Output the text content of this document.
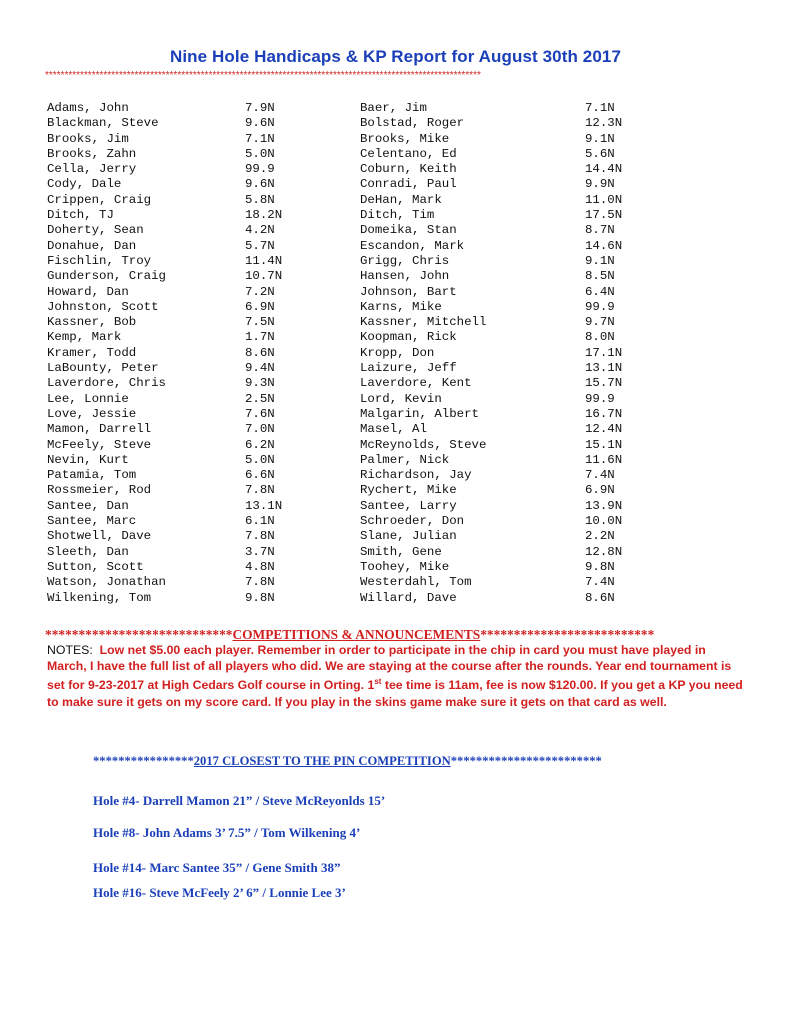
Nine Hole Handicaps & KP Report for August 30th 2017
****************************************************************************************************************
Adams, John	7.9N	Baer, Jim	7.1N
Blackman, Steve	9.6N	Bolstad, Roger	12.3N
Brooks, Jim	7.1N	Brooks, Mike	9.1N
Brooks, Zahn	5.0N	Celentano, Ed	5.6N
Cella, Jerry	99.9	Coburn, Keith	14.4N
Cody, Dale	9.6N	Conradi, Paul	9.9N
Crippen, Craig	5.8N	DeHan, Mark	11.0N
Ditch, TJ	18.2N	Ditch, Tim	17.5N
Doherty, Sean	4.2N	Domeika, Stan	8.7N
Donahue, Dan	5.7N	Escandon, Mark	14.6N
Fischlin, Troy	11.4N	Grigg, Chris	9.1N
Gunderson, Craig	10.7N	Hansen, John	8.5N
Howard, Dan	7.2N	Johnson, Bart	6.4N
Johnston, Scott	6.9N	Karns, Mike	99.9
Kassner, Bob	7.5N	Kassner, Mitchell	9.7N
Kemp, Mark	1.7N	Koopman, Rick	8.0N
Kramer, Todd	8.6N	Kropp, Don	17.1N
LaBounty, Peter	9.4N	Laizure, Jeff	13.1N
Laverdore, Chris	9.3N	Laverdore, Kent	15.7N
Lee, Lonnie	2.5N	Lord, Kevin	99.9
Love, Jessie	7.6N	Malgarin, Albert	16.7N
Mamon, Darrell	7.0N	Masel, Al	12.4N
McFeely, Steve	6.2N	McReynolds, Steve	15.1N
Nevin, Kurt	5.0N	Palmer, Nick	11.6N
Patamia, Tom	6.6N	Richardson, Jay	7.4N
Rossmeier, Rod	7.8N	Rychert, Mike	6.9N
Santee, Dan	13.1N	Santee, Larry	13.9N
Santee, Marc	6.1N	Schroeder, Don	10.0N
Shotwell, Dave	7.8N	Slane, Julian	2.2N
Sleeth, Dan	3.7N	Smith, Gene	12.8N
Sutton, Scott	4.8N	Toohey, Mike	9.8N
Watson, Jonathan	7.8N	Westerdahl, Tom	7.4N
Wilkening, Tom	9.8N	Willard, Dave	8.6N
****************************COMPETITIONS & ANNOUNCEMENTS**************************
NOTES: Low net $5.00 each player. Remember in order to participate in the chip in card you must have played in March, I have the full list of all players who did. We are staying at the course after the rounds. Year end tournament is set for 9-23-2017 at High Cedars Golf course in Orting. 1st tee time is 11am, fee is now $120.00. If you get a KP you need to make sure it gets on my score card. If you play in the skins game make sure it gets on that card as well.
****************2017 CLOSEST TO THE PIN COMPETITION************************
Hole #4- Darrell Mamon 21” / Steve McReyonlds 15’
Hole #8- John Adams 3’ 7.5” / Tom Wilkening 4’
Hole #14- Marc Santee 35” / Gene Smith 38”
Hole #16- Steve McFeely 2’ 6” / Lonnie Lee 3’
